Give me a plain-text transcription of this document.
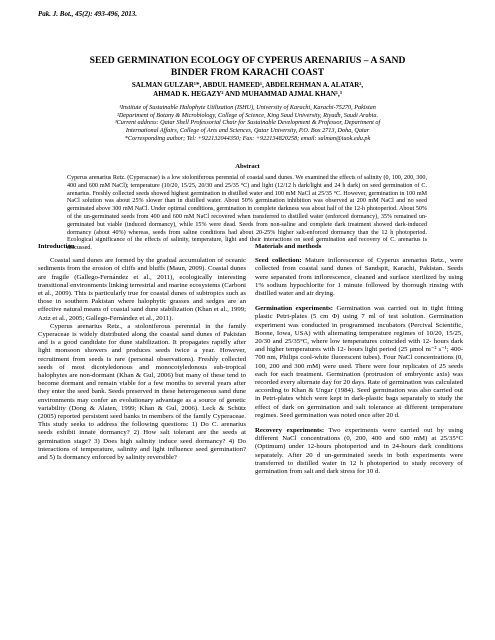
Pak. J. Bot., 45(2): 493-496, 2013.
SEED GERMINATION ECOLOGY OF CYPERUS ARENARIUS – A SAND
BINDER FROM KARACHI COAST
SALMAN GULZAR¹*, ABDUL HAMEED¹, ABDELREHMAN A. ALATAR²,
AHMAD K. HEGAZY² AND MUHAMMAD AJMAL KHAN¹,³
¹Institute of Sustainable Halophyte Utilization (ISHU), University of Karachi, Karachi-75270, Pakistan
²Department of Botany & Microbiology, College of Science, King Saud University, Riyadh, Saudi Arabia.
³Current address: Qatar Shell Professorial Chair for Sustainable Development & Professor, Department of
International Affairs, College of Arts and Sciences, Qatar University, P.O. Box 2713, Doha, Qatar
*Corresponding author; Tel: +922132044350; Fax: +922134820258; email: salman@iuok.edu.pk
Abstract
Cyperus arenarius Retz. (Cyperaceae) is a low stoloniferous perennial of coastal sand dunes. We examined the effects of salinity (0, 100, 200, 300, 400 and 600 mM NaCl); temperature (10/20, 15/25, 20/30 and 25/35 °C) and light (12/12 h dark/light and 24 h dark) on seed germination of C. arenarius. Freshly collected seeds showed highest germination in distilled water and 100 mM NaCl at 25/35 °C. However, germination in 100 mM NaCl solution was about 25% slower than in distilled water. About 50% germination inhibition was observed at 200 mM NaCl and no seed germinated above 300 mM NaCl. Under optimal conditions, germination in complete darkness was about half of the 12-h photoperiod. About 50% of the un-germinated seeds from 400 and 600 mM NaCl recovered when transferred to distilled water (enforced dormancy), 35% remained un-germinated but viable (induced dormancy), while 15% were dead. Seeds from non-saline and complete dark treatment showed dark-induced dormancy (about 40%) whereas, seeds from saline conditions had about 20-25% higher salt-enforced dormancy than the 12 h photoperiod. Ecological significance of the effects of salinity, temperature, light and their interactions on seed germination and recovery of C. arenarius is discussed.
Introduction

Coastal sand dunes are formed by the gradual accumulation of oceanic sediments from the erosion of cliffs and bluffs (Maun, 2009). Coastal dunes are fragile (Gallego-Fernández et al., 2011), ecologically interesting transitional environments linking terrestrial and marine ecosystems (Carboni et al., 2009). This is particularly true for coastal dunes of subtropics such as those in southern Pakistan where halophytic grasses and sedges are an effective natural means of coastal sand dune stabilization (Khan et al., 1999; Aziz et al., 2005; Gallego-Fernández et al., 2011).

Cyperus arenarius Retz., a stoloniferous perennial in the family Cyperaceae is widely distributed along the coastal sand dunes of Pakistan and is a good candidate for dune stabilization. It propagates rapidly after light monsoon showers and produces seeds twice a year. However, recruitment from seeds is rare (personal observations). Freshly collected seeds of most dicotyledonous and monocotyledonous sub-tropical halophytes are non-dormant (Khan & Gul, 2006) but many of these tend to become dormant and remain viable for a few months to several years after they enter the seed bank. Seeds preserved in these heterogeneous sand dune environments may confer an evolutionary advantage as a source of genetic variability (Dong & Alaten, 1999; Khan & Gul, 2006). Leck & Schütz (2005) reported persistent seed banks in members of the family Cyperaceae. This study seeks to address the following questions: 1) Do C. arenarius seeds exhibit innate dormancy? 2) How salt tolerant are the seeds at germination stage? 3) Does high salinity induce seed dormancy? 4) Do interactions of temperature, salinity and light influence seed germination? and 5) Is dormancy enforced by salinity reversible?

Materials and methods

Seed collection: Mature inflorescence of Cyperus arenarius Retz., were collected from coastal sand dunes of Sandspit, Karachi, Pakistan. Seeds were separated from inflorescence, cleaned and surface sterilized by using 1% sodium hypochlorite for 1 minute followed by thorough rinsing with distilled water and air drying.

Germination experiments: Germination was carried out in tight fitting plastic Petri-plates (5 cm Φ) using 7 ml of test solution. Germination experiment was conducted in programmed incubators (Percival Scientific, Boone, Iowa, USA) with alternating temperature regimes of 10/20, 15/25, 20/30 and 25/35°C, where low temperatures coincided with 12- hours dark and higher temperatures with 12- hours light period (25 μmol m⁻² s⁻¹; 400-700 nm, Philips cool-white fluorescent tubes). Four NaCl concentrations (0, 100, 200 and 300 mM) were used. There were four replicates of 25 seeds each for each treatment. Germination (protrusion of embryonic axis) was recorded every alternate day for 20 days. Rate of germination was calculated according to Khan & Ungar (1984). Seed germination was also carried out in Petri-plates which were kept in dark-plastic bags separately to study the effect of dark on germination and salt tolerance at different temperature regimes. Seed germination was noted once after 20 d.

Recovery experiments: Two experiments were carried out by using different NaCl concentrations (0, 200, 400 and 600 mM) at 25/35°C (Optimum) under 12-hours photoperiod and in 24-hours dark conditions separately. After 20 d un-germinated seeds in both experiments were transferred to distilled water in 12 h photoperiod to study recovery of germination from salt and dark stress for 10 d.
